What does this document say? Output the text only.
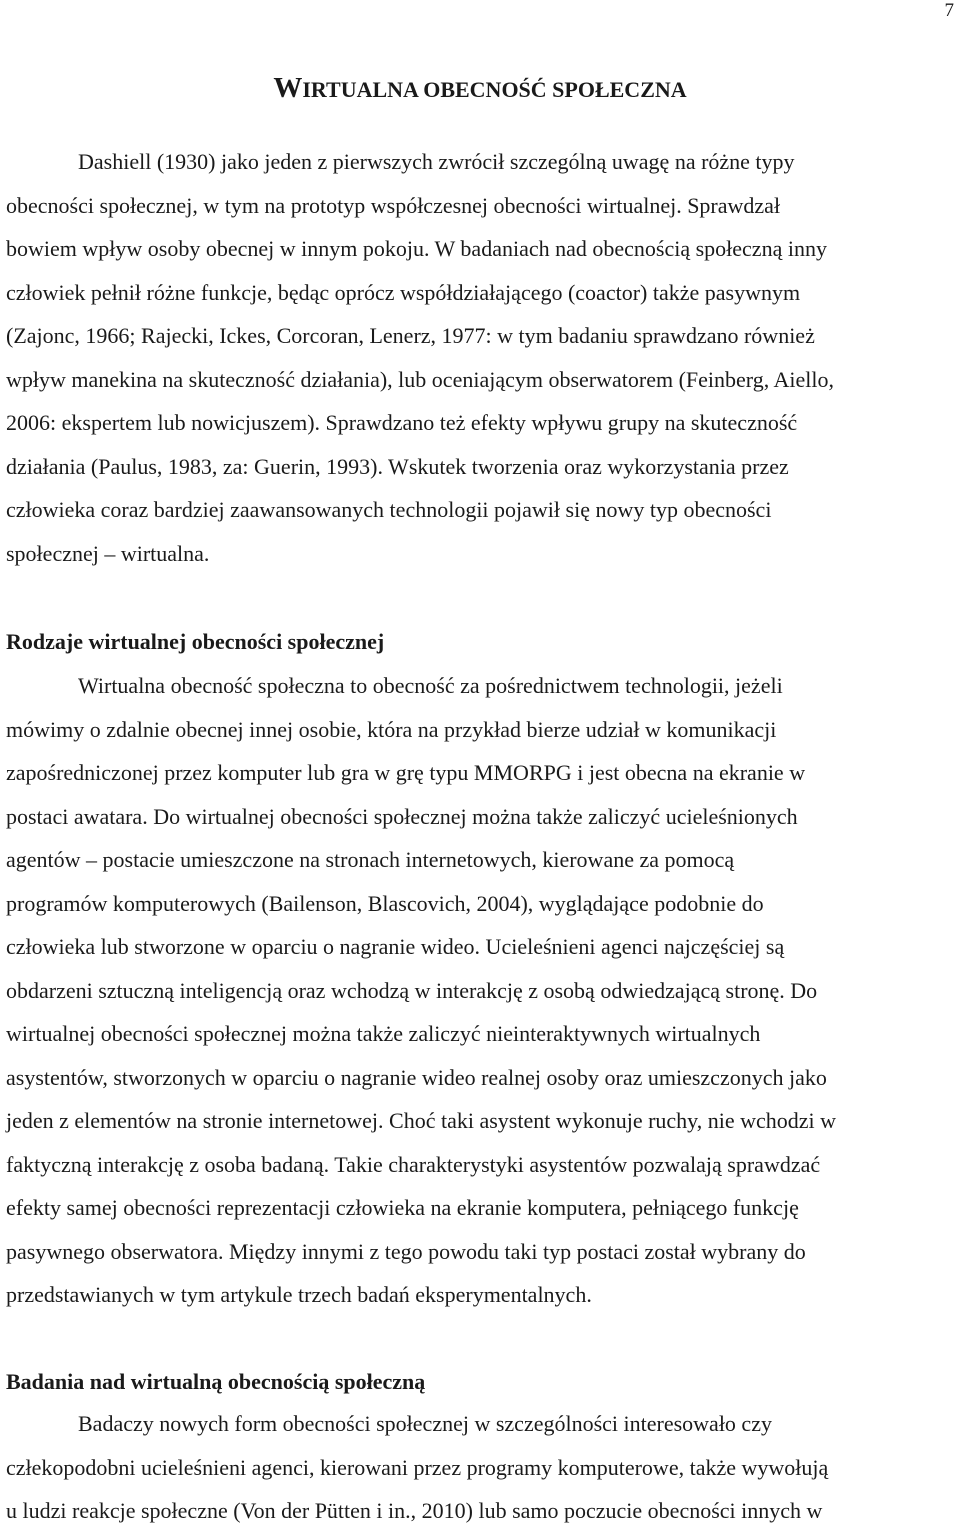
7
WIRTUALNA OBECNOŚĆ SPOŁECZNA
Dashiell (1930) jako jeden z pierwszych zwrócił szczególną uwagę na różne typy
obecności społecznej, w tym na prototyp współczesnej obecności wirtualnej. Sprawdzał
bowiem wpływ osoby obecnej w innym pokoju. W badaniach nad obecnością społeczną inny
człowiek pełnił różne funkcje, będąc oprócz współdziałającego (coactor) także pasywnym
(Zajonc, 1966; Rajecki, Ickes, Corcoran, Lenerz, 1977: w tym badaniu sprawdzano również
wpływ manekina na skuteczność działania), lub oceniającym obserwatorem (Feinberg, Aiello,
2006: ekspertem lub nowicjuszem). Sprawdzano też efekty wpływu grupy na skuteczność
działania (Paulus, 1983, za: Guerin, 1993). Wskutek tworzenia oraz wykorzystania przez
człowieka coraz bardziej zaawansowanych technologii pojawił się nowy typ obecności
społecznej – wirtualna.
Rodzaje wirtualnej obecności społecznej
Wirtualna obecność społeczna to obecność za pośrednictwem technologii, jeżeli
mówimy o zdalnie obecnej innej osobie, która na przykład bierze udział w komunikacji
zapośredniczonej przez komputer lub gra w grę typu MMORPG i jest obecna na ekranie w
postaci awatara. Do wirtualnej obecności społecznej można także zaliczyć ucieleśnionych
agentów – postacie umieszczone na stronach internetowych, kierowane za pomocą
programów komputerowych (Bailenson, Blascovich, 2004), wyglądające podobnie do
człowieka lub stworzone w oparciu o nagranie wideo. Ucieleśnieni agenci najczęściej są
obdarzeni sztuczną inteligencją oraz wchodzą w interakcję z osobą odwiedzającą stronę. Do
wirtualnej obecności społecznej można także zaliczyć nieinteraktywnych wirtualnych
asystentów, stworzonych w oparciu o nagranie wideo realnej osoby oraz umieszczonych jako
jeden z elementów na stronie internetowej. Choć taki asystent wykonuje ruchy, nie wchodzi w
faktyczną interakcję z osoba badaną. Takie charakterystyki asystentów pozwalają sprawdzać
efekty samej obecności reprezentacji człowieka na ekranie komputera, pełniącego funkcję
pasywnego obserwatora. Między innymi z tego powodu taki typ postaci został wybrany do
przedstawianych w tym artykule trzech badań eksperymentalnych.
Badania nad wirtualną obecnością społeczną
Badaczy nowych form obecności społecznej w szczególności interesowało czy
człekopodobni ucieleśnieni agenci, kierowani przez programy komputerowe, także wywołują
u ludzi reakcje społeczne (Von der Pütten i in., 2010) lub samo poczucie obecności innych w
